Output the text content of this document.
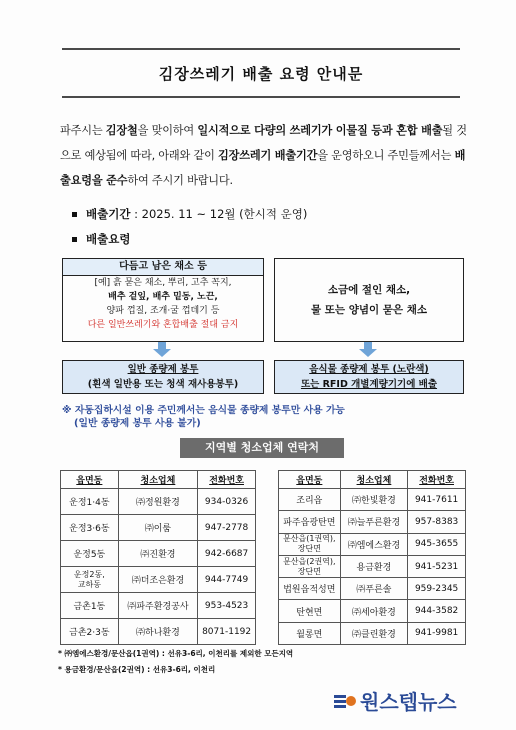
김장쓰레기 배출 요령 안내문
파주시는 김장철을 맞이하여 일시적으로 다량의 쓰레기가 이물질 등과 혼합 배출될 것으로 예상됨에 따라, 아래와 같이 김장쓰레기 배출기간을 운영하오니 주민들께서는 배출요령을 준수하여 주시기 바랍니다.
배출기간 : 2025. 11 ~ 12월 (한시적 운영)
배출요령
다듬고 남은 채소 등
[예] 흙 묻은 채소, 뿌리, 고추 꼭지,
배추 겉잎, 배추 밑동, 노끈,
양파 껍질, 조개·굴 껍데기 등
다른 일반쓰레기와 혼합배출 절대 금지
소금에 절인 채소,
물 또는 양념이 묻은 채소
일반 종량제 봉투
(흰색 일반용 또는 청색 재사용봉투)
음식물 종량제 봉투 (노란색)
또는 RFID 개별계량기기에 배출
※ 자동집하시설 이용 주민께서는 음식물 종량제 봉투만 사용 가능
(일반 종량제 봉투 사용 불가)
지역별 청소업체 연락처
읍면동	청소업체	전화번호
운정1·4동	㈜정원환경	934-0326
운정3·6동	㈜이룸	947-2778
운정5동	㈜진환경	942-6687
운정2동,
교하동	㈜더조은환경	944-7749
금촌1동	㈜파주환경공사	953-4523
금촌2·3동	㈜하나환경	8071-1192
읍면동	청소업체	전화번호
조리읍	㈜한빛환경	941-7611
파주읍광탄면	㈜늘푸른환경	957-8383
문산읍(1권역),
장단면	㈜엠에스환경	945-3655
문산읍(2권역),
장단면	용금환경	941-5231
법원읍적성면	㈜푸른솔	959-2345
탄현면	㈜세아환경	944-3582
월롱면	㈜클린환경	941-9981
* ㈜엠에스환경/문산읍(1권역) : 선유3-6리, 이천리를 제외한 모든지역
* 용금환경/문산읍(2권역) : 선유3-6리, 이천리
원스텝뉴스
